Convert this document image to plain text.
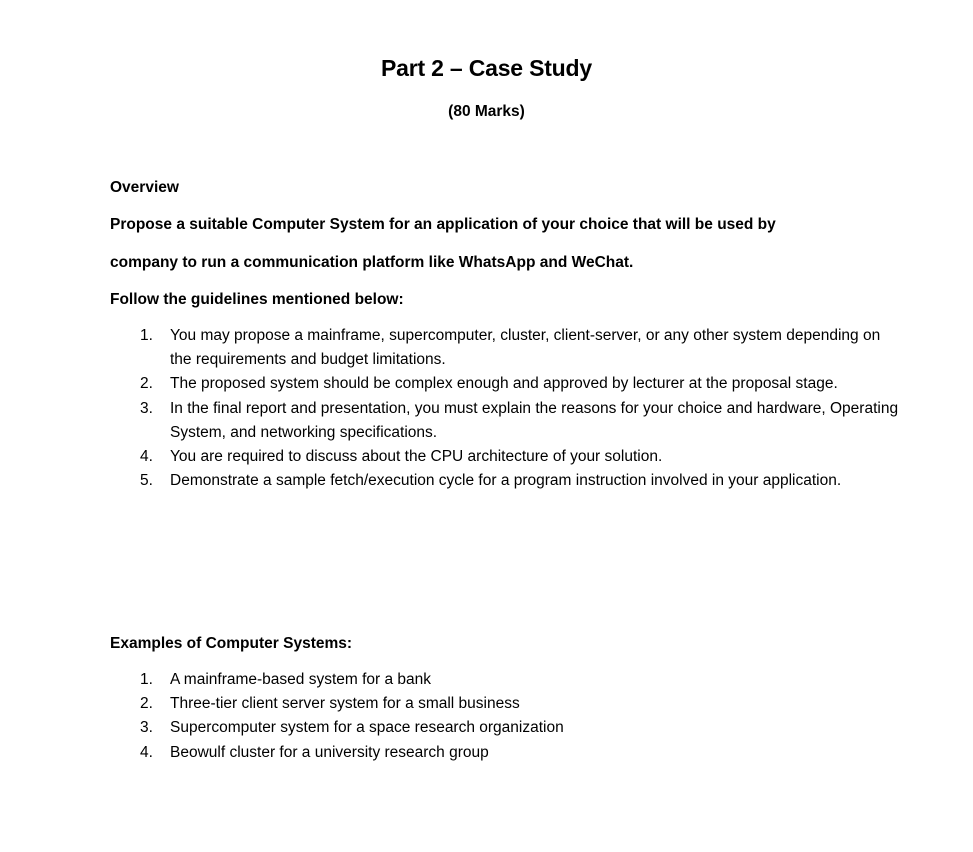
Part 2 – Case Study
(80 Marks)
Overview
Propose a suitable Computer System for an application of your choice that will be used by
company to run a communication platform like WhatsApp and WeChat.
Follow the guidelines mentioned below:
1. You may propose a mainframe, supercomputer, cluster, client-server, or any other system depending on the requirements and budget limitations.
2. The proposed system should be complex enough and approved by lecturer at the proposal stage.
3. In the final report and presentation, you must explain the reasons for your choice and hardware, Operating System, and networking specifications.
4. You are required to discuss about the CPU architecture of your solution.
5. Demonstrate a sample fetch/execution cycle for a program instruction involved in your application.
Examples of Computer Systems:
1. A mainframe-based system for a bank
2. Three-tier client server system for a small business
3. Supercomputer system for a space research organization
4. Beowulf cluster for a university research group
